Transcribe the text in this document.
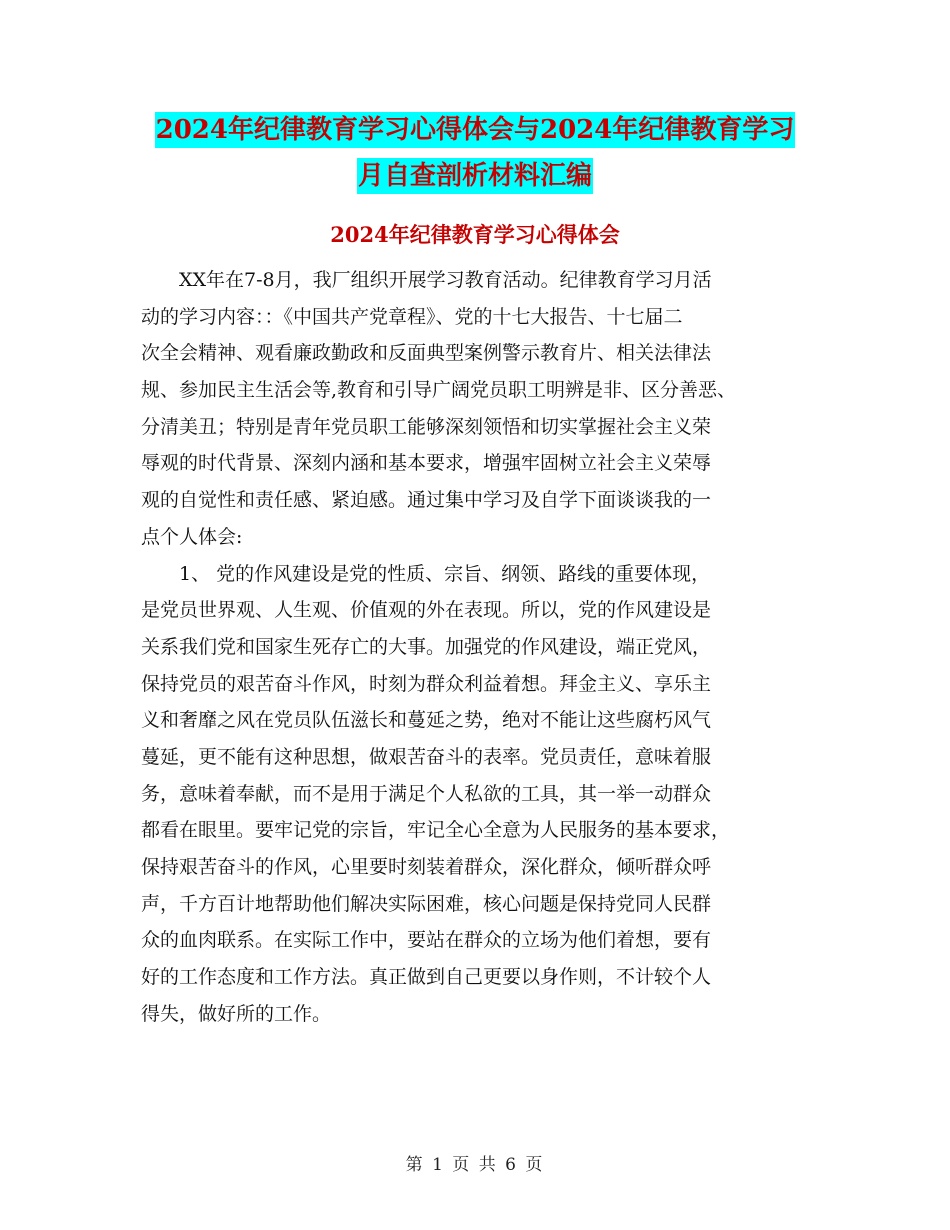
2024年纪律教育学习心得体会与2024年纪律教育学习
月自查剖析材料汇编
2024年纪律教育学习心得体会
XX年在7-8月，我厂组织开展学习教育活动。纪律教育学习月活
动的学习内容：：《中国共产党章程》、党的十七大报告、十七届二
次全会精神、观看廉政勤政和反面典型案例警示教育片、相关法律法
规、参加民主生活会等,教育和引导广阔党员职工明辨是非、区分善恶、
分清美丑；特别是青年党员职工能够深刻领悟和切实掌握社会主义荣
辱观的时代背景、深刻内涵和基本要求，增强牢固树立社会主义荣辱
观的自觉性和责任感、紧迫感。通过集中学习及自学下面谈谈我的一
点个人体会:
1、 党的作风建设是党的性质、宗旨、纲领、路线的重要体现，
是党员世界观、人生观、价值观的外在表现。所以，党的作风建设是
关系我们党和国家生死存亡的大事。加强党的作风建设，端正党风，
保持党员的艰苦奋斗作风，时刻为群众利益着想。拜金主义、享乐主
义和奢靡之风在党员队伍滋长和蔓延之势，绝对不能让这些腐朽风气
蔓延，更不能有这种思想，做艰苦奋斗的表率。党员责任，意味着服
务，意味着奉献，而不是用于满足个人私欲的工具，其一举一动群众
都看在眼里。要牢记党的宗旨，牢记全心全意为人民服务的基本要求，
保持艰苦奋斗的作风，心里要时刻装着群众，深化群众，倾听群众呼
声，千方百计地帮助他们解决实际困难，核心问题是保持党同人民群
众的血肉联系。在实际工作中，要站在群众的立场为他们着想，要有
好的工作态度和工作方法。真正做到自己更要以身作则，不计较个人
得失，做好所的工作。
第 1 页 共 6 页
